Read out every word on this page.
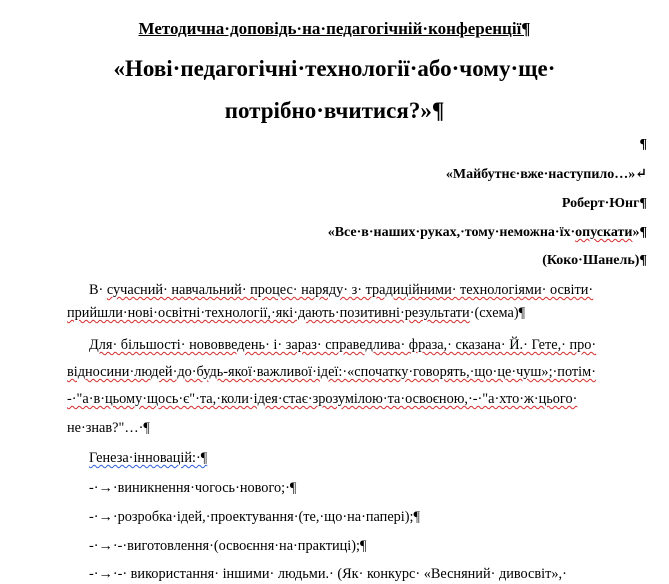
Методична·доповідь·на·педагогічній·конференції¶
«Нові·педагогічні·технології·або·чому·ще·
потрібно·вчитися?»¶
¶
«Майбутнє·вже·наступило…»↵
Роберт·Юнг¶
«Все·в·наших·руках,·тому·неможна·їх·опускати»¶
(Коко·Шанель)¶
В· сучасний· навчальний· процес· наряду· з· традиційними· технологіями· освіти·
прийшли·нові·освітні·технології,·які·дають·позитивні·результати·(схема)¶
Для· більшості· нововведень· і· зараз· справедлива· фраза,· сказана· Й.· Гете,· про·
відносини·людей·до·будь-якої·важливої·ідеї:·«спочатку·говорять,·що·це·чуш»;·потім·
-·"а·в·цьому·щось·є"·та,·коли·ідея·стає·зрозумілою·та·освоєною,·-·"а·хто·ж·цього·
не·знав?"…·¶
Генеза·інновацій:·¶
-·→·виникнення·чогось·нового;·¶
-·→·розробка·ідей,·проектування·(те,·що·на·папері);¶
-·→·-·виготовлення·(освоєння·на·практиці);¶
-·→·-· використання· іншими· людьми.· (Як· конкурс· «Весняний· дивосвіт»,·
